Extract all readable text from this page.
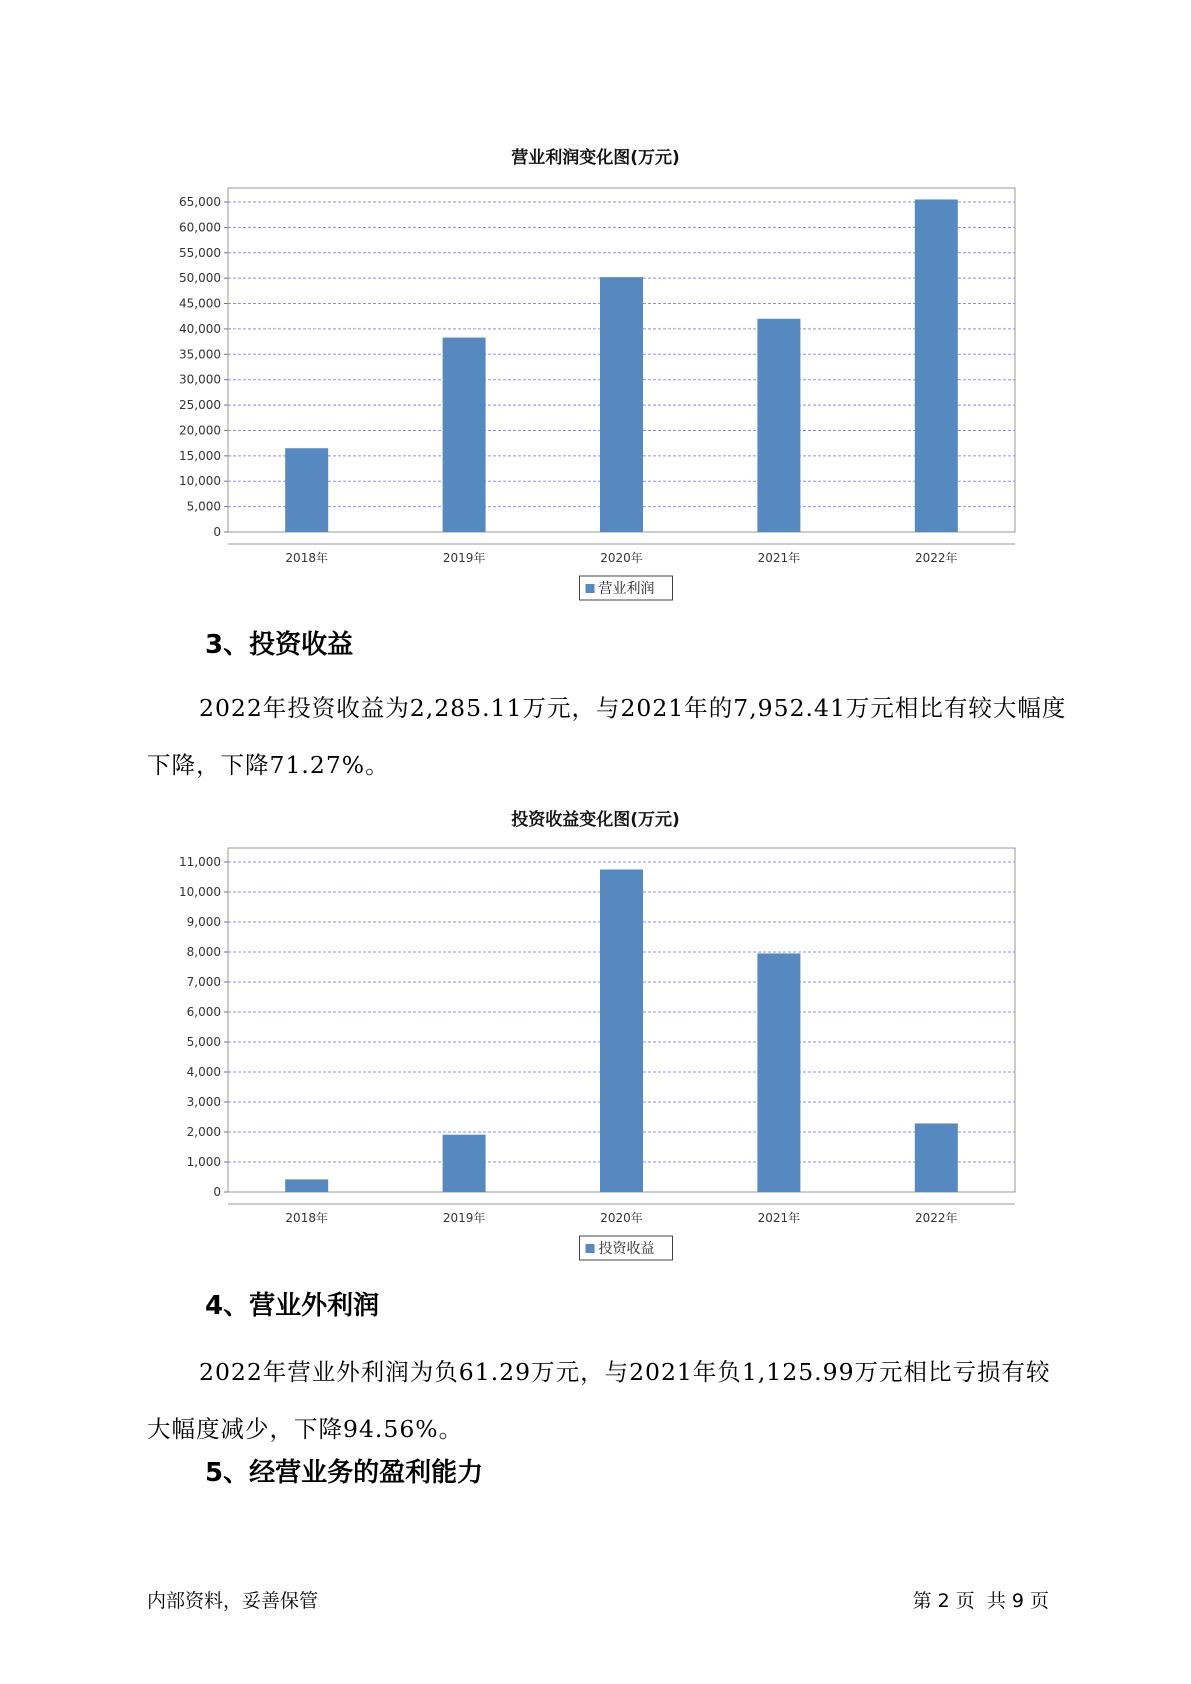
营业利润变化图(万元)
0
5,000
10,000
15,000
20,000
25,000
30,000
35,000
40,000
45,000
50,000
55,000
60,000
65,000
2018年	2019年	2020年	2021年	2022年
营业利润
3、投资收益
2022年投资收益为2,285.11万元，与2021年的7,952.41万元相比有较大幅度下降，下降71.27%。
投资收益变化图(万元)
0
1,000
2,000
3,000
4,000
5,000
6,000
7,000
8,000
9,000
10,000
11,000
2018年	2019年	2020年	2021年	2022年
投资收益
4、营业外利润
2022年营业外利润为负61.29万元，与2021年负1,125.99万元相比亏损有较大幅度减少，下降94.56%。
5、经营业务的盈利能力
内部资料，妥善保管	第 2 页  共 9 页
